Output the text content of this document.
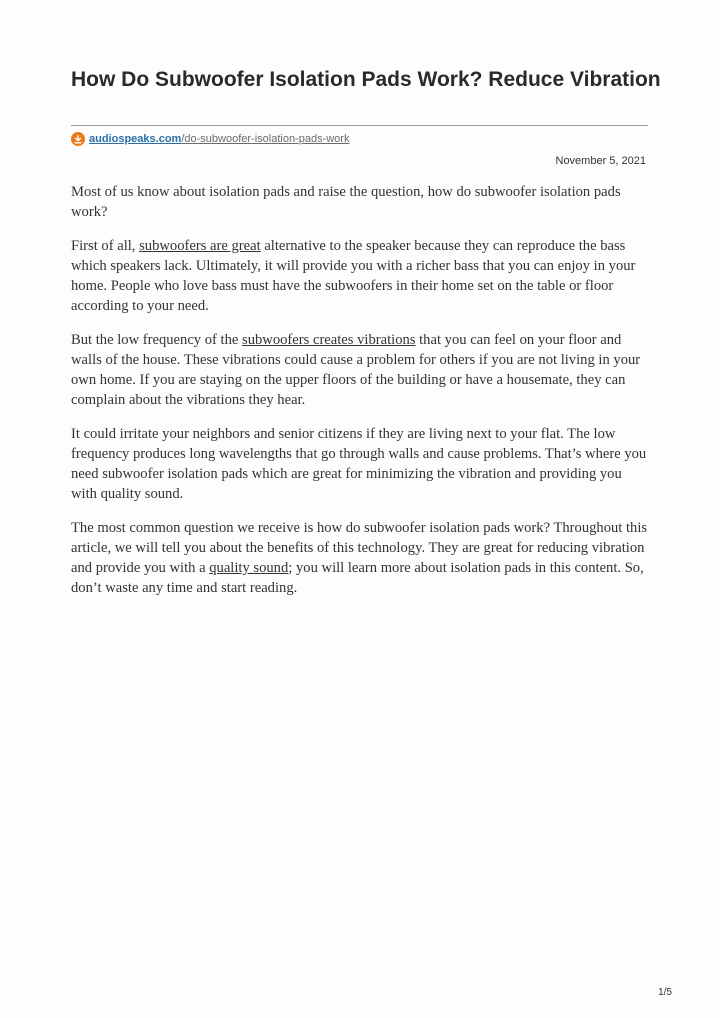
How Do Subwoofer Isolation Pads Work? Reduce Vibration
audiospeaks.com /do-subwoofer-isolation-pads-work
November 5, 2021

Most of us know about isolation pads and raise the question, how do subwoofer isolation pads work?

First of all, subwoofers are great alternative to the speaker because they can reproduce the bass which speakers lack. Ultimately, it will provide you with a richer bass that you can enjoy in your home. People who love bass must have the subwoofers in their home set on the table or floor according to your need.

But the low frequency of the subwoofers creates vibrations that you can feel on your floor and walls of the house. These vibrations could cause a problem for others if you are not living in your own home. If you are staying on the upper floors of the building or have a housemate, they can complain about the vibrations they hear.

It could irritate your neighbors and senior citizens if they are living next to your flat. The low frequency produces long wavelengths that go through walls and cause problems. That’s where you need subwoofer isolation pads which are great for minimizing the vibration and providing you with quality sound.

The most common question we receive is how do subwoofer isolation pads work? Throughout this article, we will tell you about the benefits of this technology. They are great for reducing vibration and provide you with a quality sound; you will learn more about isolation pads in this content. So, don’t waste any time and start reading.

1/5
